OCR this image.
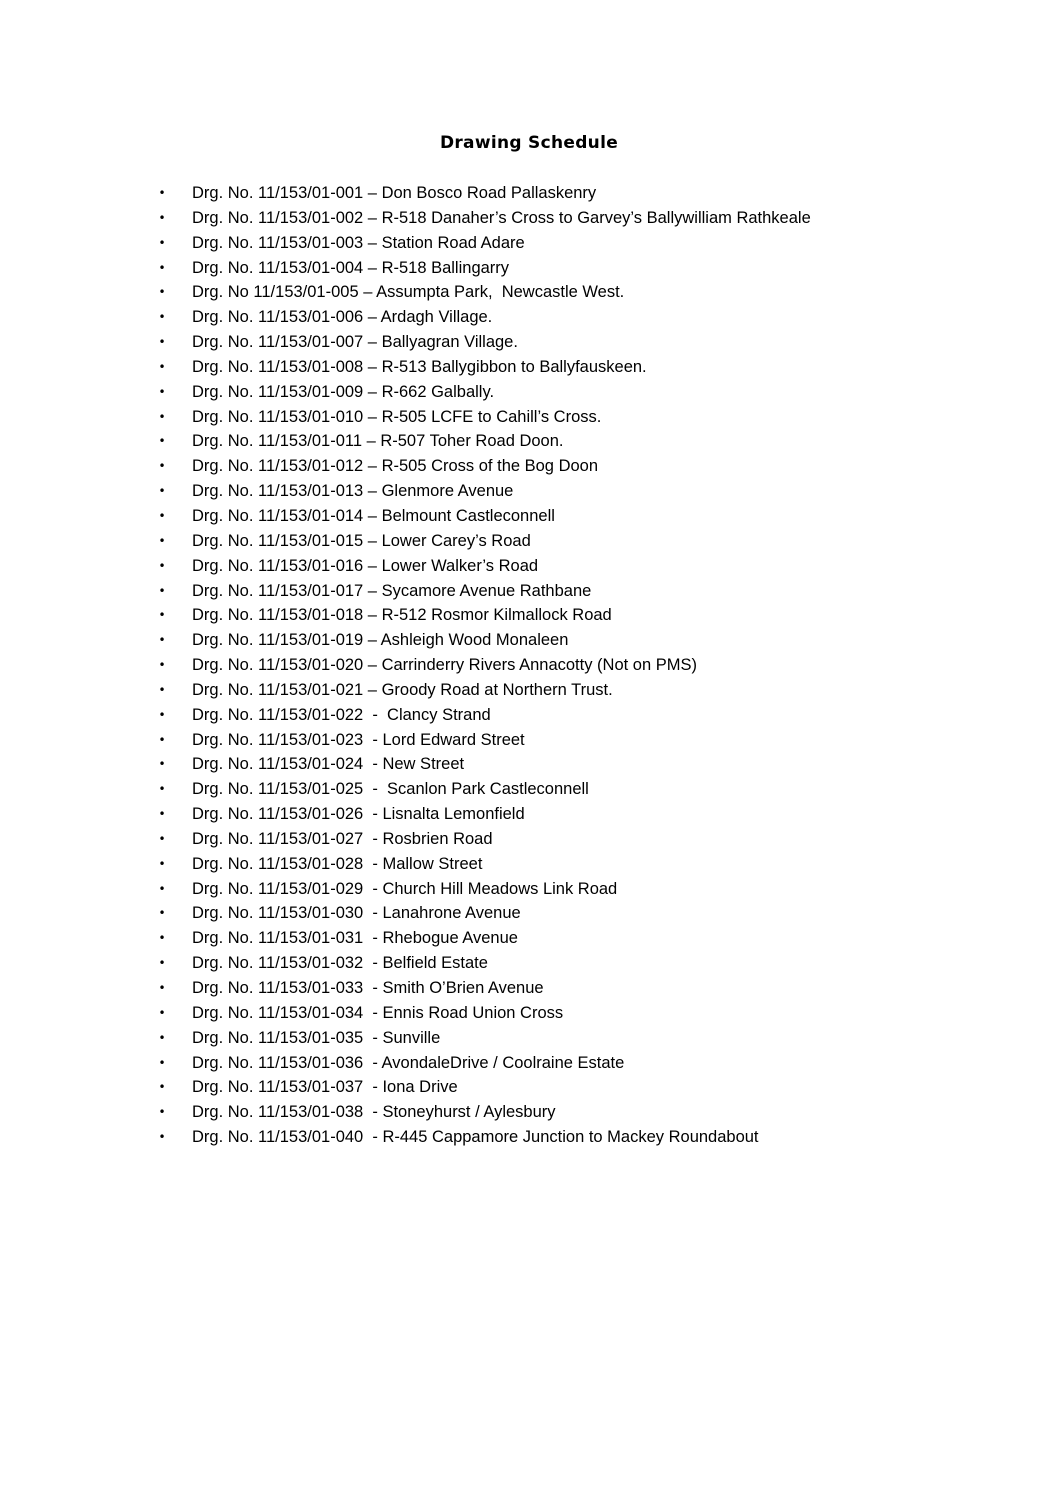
Drawing Schedule
• Drg. No. 11/153/01-001 – Don Bosco Road Pallaskenry
• Drg. No. 11/153/01-002 – R-518 Danaher’s Cross to Garvey’s Ballywilliam Rathkeale
• Drg. No. 11/153/01-003 – Station Road Adare
• Drg. No. 11/153/01-004 – R-518 Ballingarry
• Drg. No 11/153/01-005 – Assumpta Park,  Newcastle West.
• Drg. No. 11/153/01-006 – Ardagh Village.
• Drg. No. 11/153/01-007 – Ballyagran Village.
• Drg. No. 11/153/01-008 – R-513 Ballygibbon to Ballyfauskeen.
• Drg. No. 11/153/01-009 – R-662 Galbally.
• Drg. No. 11/153/01-010 – R-505 LCFE to Cahill’s Cross.
• Drg. No. 11/153/01-011 – R-507 Toher Road Doon.
• Drg. No. 11/153/01-012 – R-505 Cross of the Bog Doon
• Drg. No. 11/153/01-013 – Glenmore Avenue
• Drg. No. 11/153/01-014 – Belmount Castleconnell
• Drg. No. 11/153/01-015 – Lower Carey’s Road
• Drg. No. 11/153/01-016 – Lower Walker’s Road
• Drg. No. 11/153/01-017 – Sycamore Avenue Rathbane
• Drg. No. 11/153/01-018 – R-512 Rosmor Kilmallock Road
• Drg. No. 11/153/01-019 – Ashleigh Wood Monaleen
• Drg. No. 11/153/01-020 – Carrinderry Rivers Annacotty (Not on PMS)
• Drg. No. 11/153/01-021 – Groody Road at Northern Trust.
• Drg. No. 11/153/01-022  -  Clancy Strand
• Drg. No. 11/153/01-023  - Lord Edward Street
• Drg. No. 11/153/01-024  - New Street
• Drg. No. 11/153/01-025  -  Scanlon Park Castleconnell
• Drg. No. 11/153/01-026  - Lisnalta Lemonfield
• Drg. No. 11/153/01-027  - Rosbrien Road
• Drg. No. 11/153/01-028  - Mallow Street
• Drg. No. 11/153/01-029  - Church Hill Meadows Link Road
• Drg. No. 11/153/01-030  - Lanahrone Avenue
• Drg. No. 11/153/01-031  - Rhebogue Avenue
• Drg. No. 11/153/01-032  - Belfield Estate
• Drg. No. 11/153/01-033  - Smith O’Brien Avenue
• Drg. No. 11/153/01-034  - Ennis Road Union Cross
• Drg. No. 11/153/01-035  - Sunville
• Drg. No. 11/153/01-036  - AvondaleDrive / Coolraine Estate
• Drg. No. 11/153/01-037  - Iona Drive
• Drg. No. 11/153/01-038  - Stoneyhurst / Aylesbury
• Drg. No. 11/153/01-040  - R-445 Cappamore Junction to Mackey Roundabout
